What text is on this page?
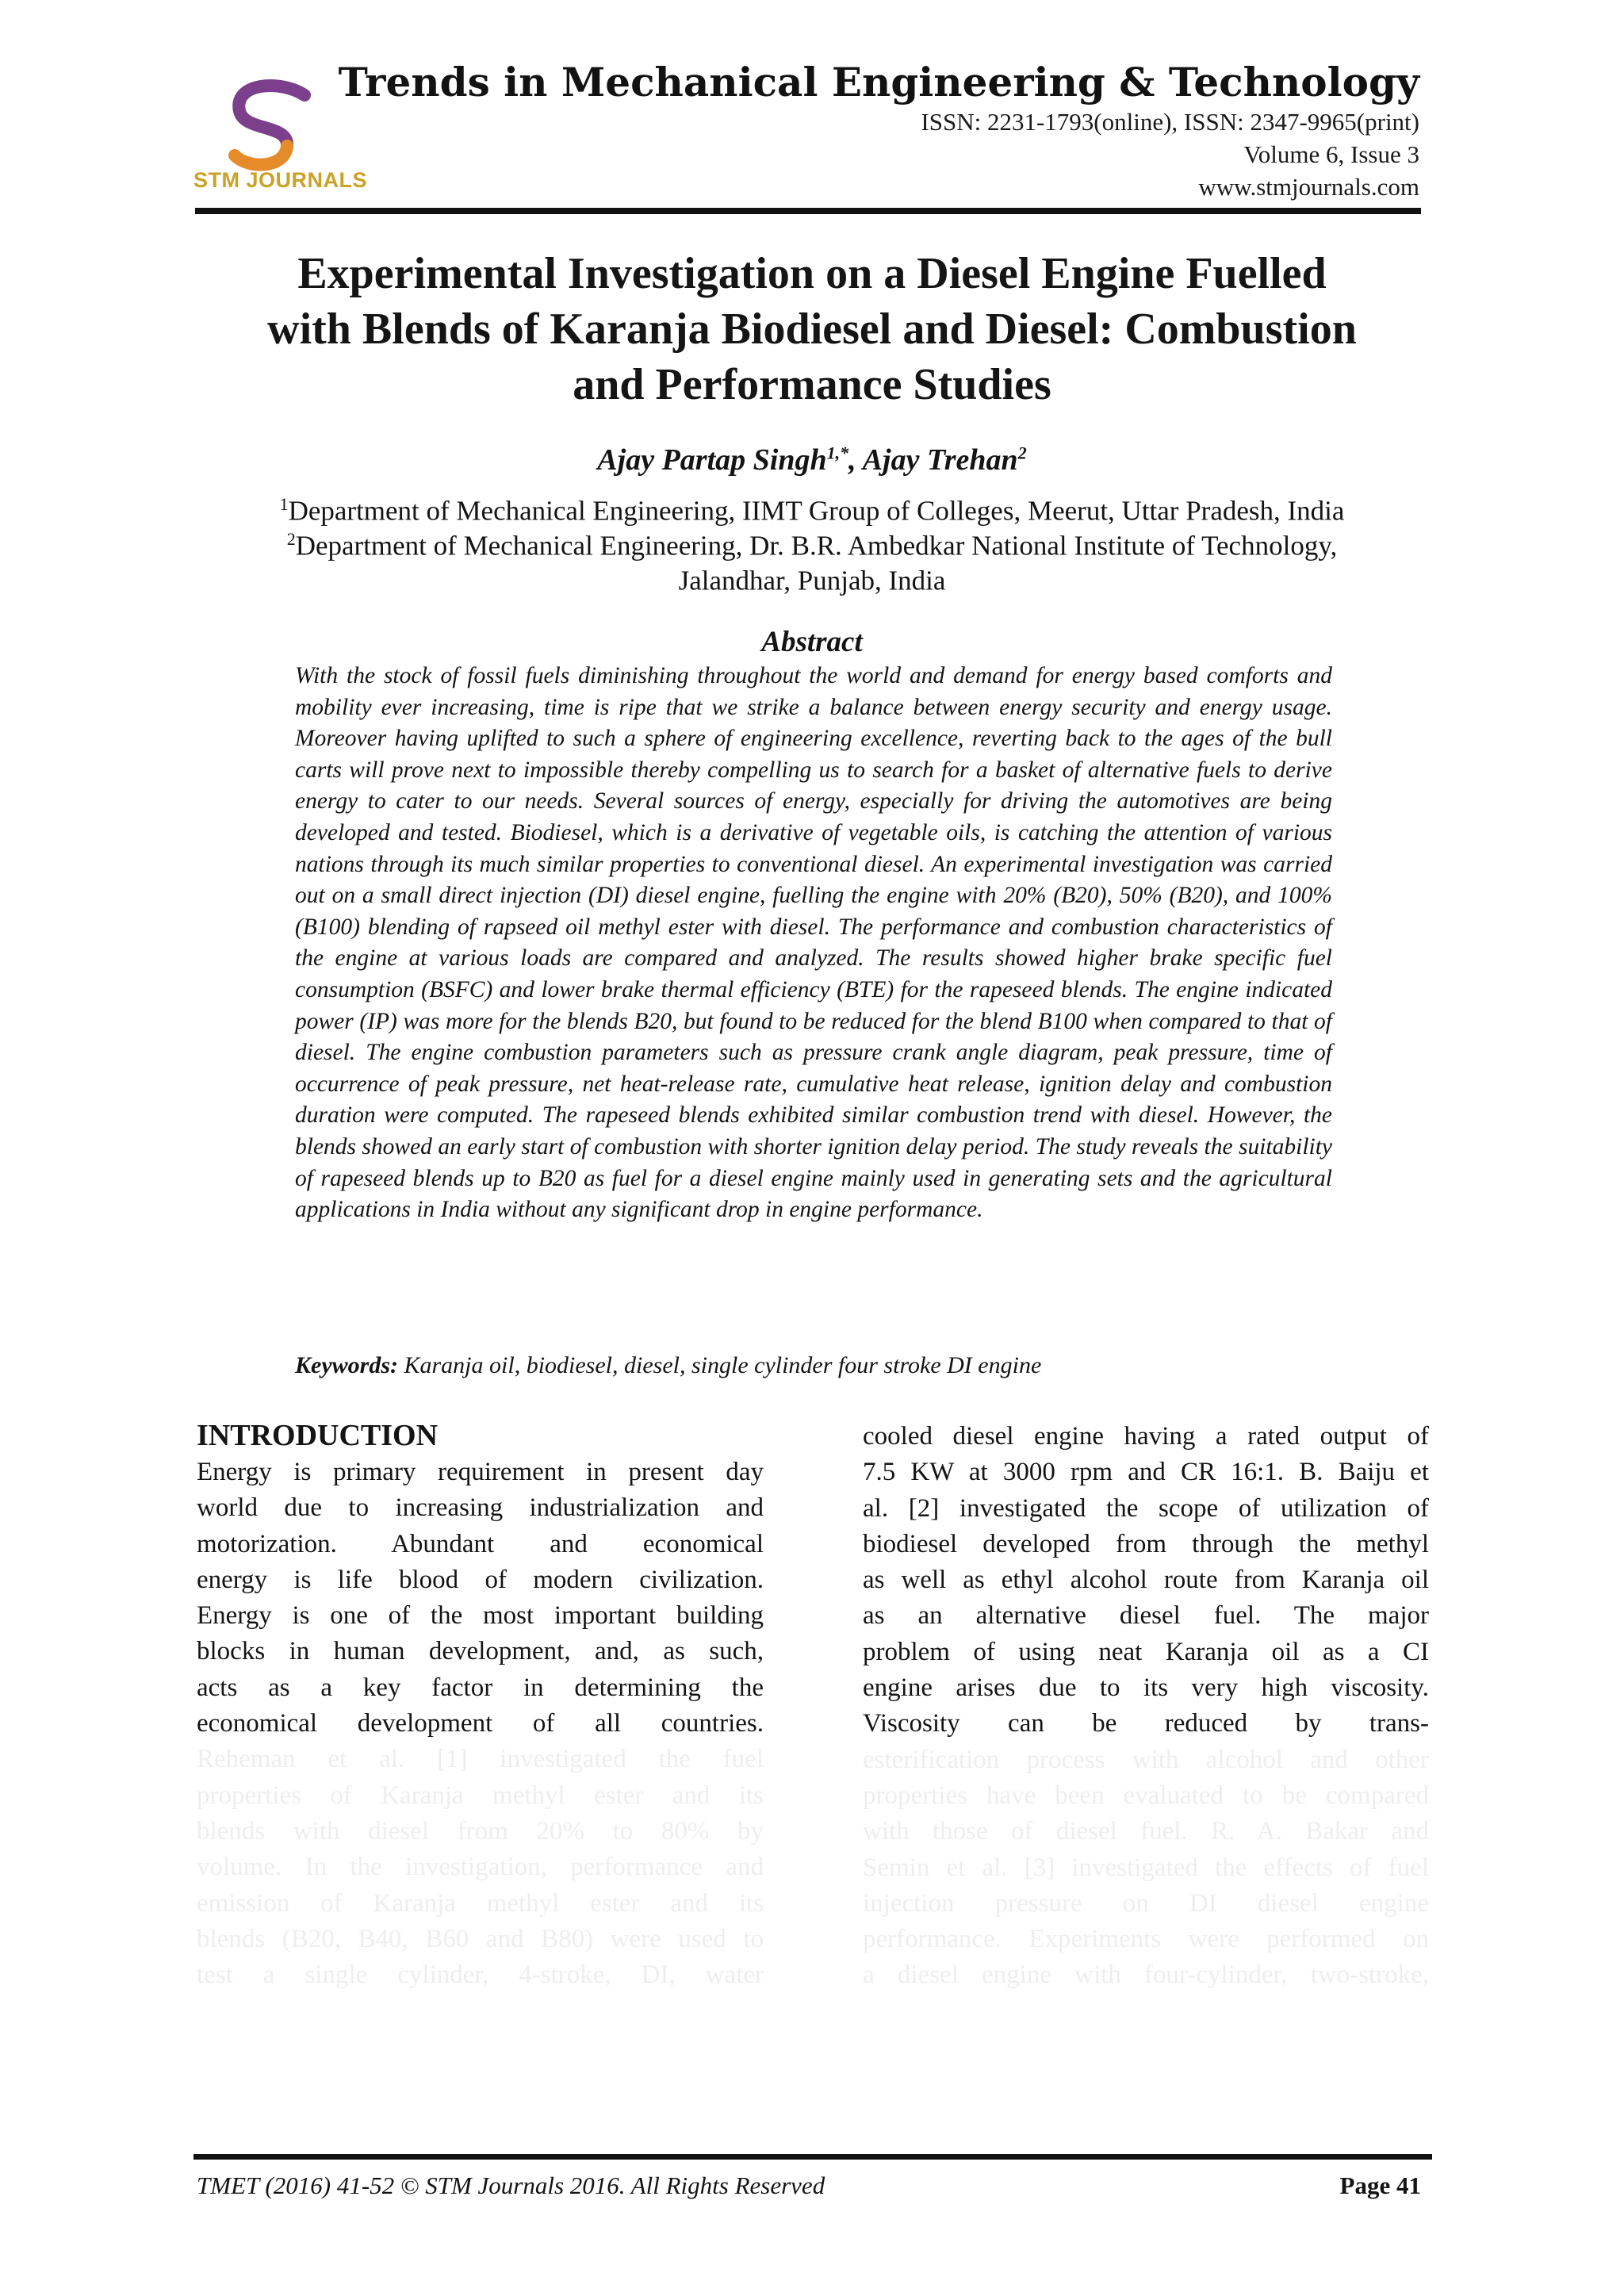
STM JOURNALS
Trends in Mechanical Engineering & Technology
ISSN: 2231-1793(online), ISSN: 2347-9965(print)
Volume 6, Issue 3
www.stmjournals.com
Experimental Investigation on a Diesel Engine Fuelled
with Blends of Karanja Biodiesel and Diesel: Combustion
and Performance Studies
Ajay Partap Singh$^{1,*}$, Ajay Trehan$^2$
$^1$Department of Mechanical Engineering, IIMT Group of Colleges, Meerut, Uttar Pradesh, India
$^2$Department of Mechanical Engineering, Dr. B.R. Ambedkar National Institute of Technology,
Jalandhar, Punjab, India
Abstract
With the stock of fossil fuels diminishing throughout the world and demand for energy based comforts and mobility ever increasing, time is ripe that we strike a balance between energy security and energy usage. Moreover having uplifted to such a sphere of engineering excellence, reverting back to the ages of the bull carts will prove next to impossible thereby compelling us to search for a basket of alternative fuels to derive energy to cater to our needs. Several sources of energy, especially for driving the automotives are being developed and tested. Biodiesel, which is a derivative of vegetable oils, is catching the attention of various nations through its much similar properties to conventional diesel. An experimental investigation was carried out on a small direct injection (DI) diesel engine, fuelling the engine with 20% (B20), 50% (B20), and 100% (B100) blending of rapseed oil methyl ester with diesel. The performance and combustion characteristics of the engine at various loads are compared and analyzed. The results showed higher brake specific fuel consumption (BSFC) and lower brake thermal efficiency (BTE) for the rapeseed blends. The engine indicated power (IP) was more for the blends B20, but found to be reduced for the blend B100 when compared to that of diesel. The engine combustion parameters such as pressure crank angle diagram, peak pressure, time of occurrence of peak pressure, net heat-release rate, cumulative heat release, ignition delay and combustion duration were computed. The rapeseed blends exhibited similar combustion trend with diesel. However, the blends showed an early start of combustion with shorter ignition delay period. The study reveals the suitability of rapeseed blends up to B20 as fuel for a diesel engine mainly used in generating sets and the agricultural applications in India without any significant drop in engine performance.
Keywords: Karanja oil, biodiesel, diesel, single cylinder four stroke DI engine
INTRODUCTION
Energy is primary requirement in present day
world due to increasing industrialization and
motorization. Abundant and economical
energy is life blood of modern civilization.
Energy is one of the most important building
blocks in human development, and, as such,
acts as a key factor in determining the
economical development of all countries.
Reheman et al. [1] investigated the fuel
properties of Karanja methyl ester and its
blends with diesel from 20% to 80% by
volume. In the investigation, performance and
emission of Karanja methyl ester and its
blends (B20, B40, B60 and B80) were used to
test a single cylinder, 4-stroke, DI, water
cooled diesel engine having a rated output of
7.5 KW at 3000 rpm and CR 16:1. B. Baiju et
al. [2] investigated the scope of utilization of
biodiesel developed from through the methyl
as well as ethyl alcohol route from Karanja oil
as an alternative diesel fuel. The major
problem of using neat Karanja oil as a CI
engine arises due to its very high viscosity.
Viscosity can be reduced by trans-
esterification process with alcohol and other
properties have been evaluated to be compared
with those of diesel fuel. R. A. Bakar and
Semin et al. [3] investigated the effects of fuel
injection pressure on DI diesel engine
performance. Experiments were performed on
a diesel engine with four-cylinder, two-stroke,
TMET (2016) 41-52 © STM Journals 2016. All Rights Reserved	Page 41
